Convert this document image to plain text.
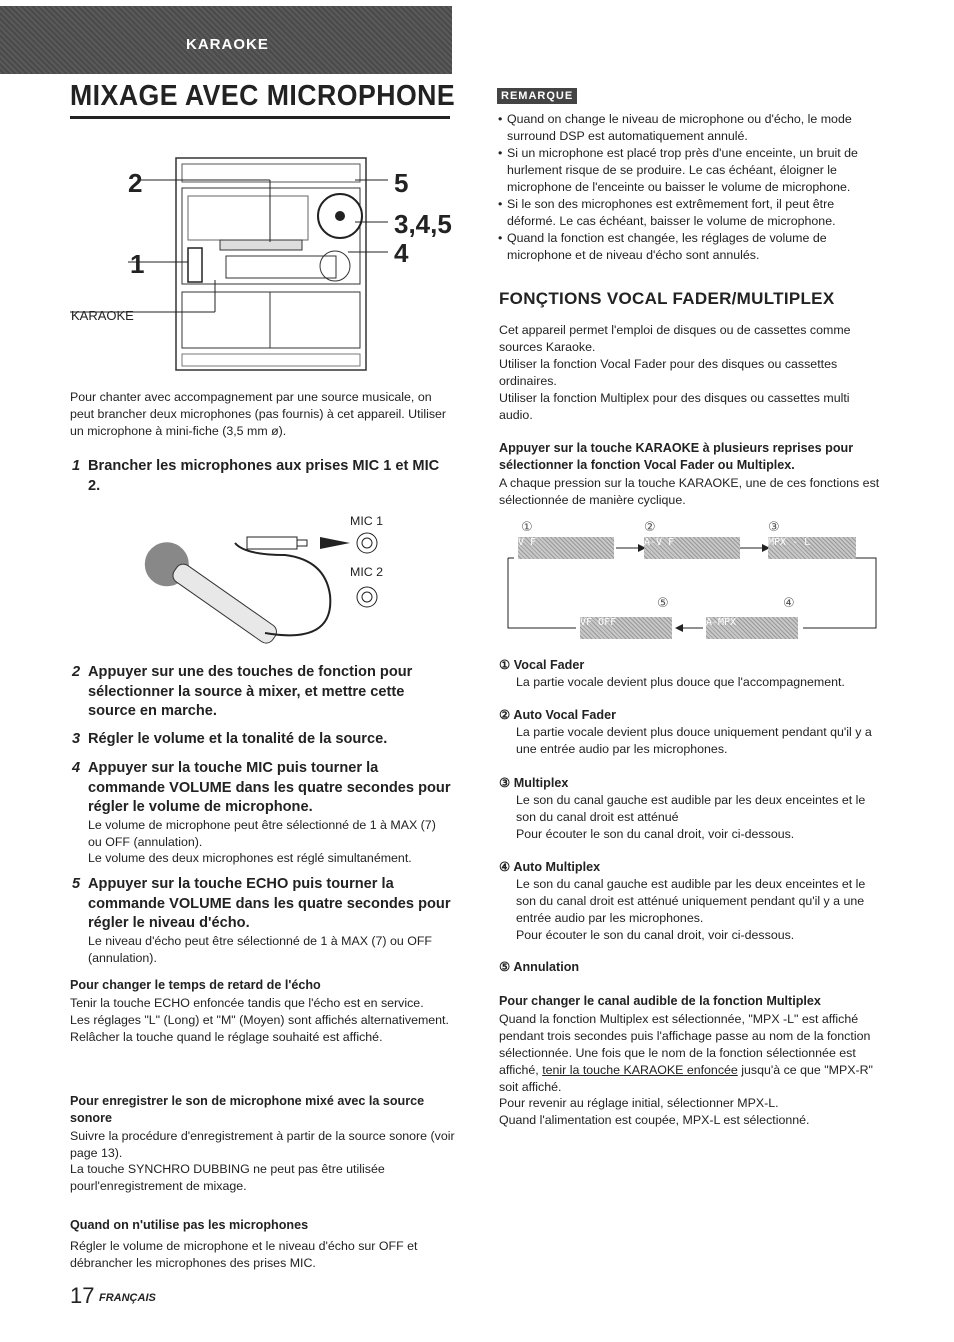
KARAOKE
MIXAGE AVEC MICROPHONE
2
1
5
3,4,5
4
KARAOKE

Pour chanter avec accompagnement par une source musicale, on peut brancher deux microphones (pas fournis) à cet appareil. Utiliser un microphone à mini-fiche (3,5 mm ø).

1 Brancher les microphones aux prises MIC 1 et MIC 2.
MIC 1
MIC 2
2 Appuyer sur une des touches de fonction pour sélectionner la source à mixer, et mettre cette source en marche.
3 Régler le volume et la tonalité de la source.
4 Appuyer sur la touche MIC puis tourner la commande VOLUME dans les quatre secondes pour régler le volume de microphone.

Le volume de microphone peut être sélectionné de 1 à MAX (7) ou OFF (annulation).

Le volume des deux microphones est réglé simultanément.

5 Appuyer sur la touche ECHO puis tourner la commande VOLUME dans les quatre secondes pour régler le niveau d'écho.

Le niveau d'écho peut être sélectionné de 1 à MAX (7) ou OFF (annulation).

Pour changer le temps de retard de l'écho

Tenir la touche ECHO enfoncée tandis que l'écho est en service.
Les réglages "L" (Long) et "M" (Moyen) sont affichés alternativement. Relâcher la touche quand le réglage souhaité est affiché.

Pour enregistrer le son de microphone mixé avec la source sonore

Suivre la procédure d'enregistrement à partir de la source sonore (voir page 13).

La touche SYNCHRO DUBBING ne peut pas être utilisée pourl'enregistrement de mixage.

Quand on n'utilise pas les microphones

Régler le volume de microphone et le niveau d'écho sur OFF et débrancher les microphones des prises MIC.

17 FRANÇAIS
REMARQUE

• Quand on change le niveau de microphone ou d'écho, le mode surround DSP est automatiquement annulé.

• Si un microphone est placé trop près d'une enceinte, un bruit de hurlement risque de se produire. Le cas échéant, éloigner le microphone de l'enceinte ou baisser le volume de microphone.

• Si le son des microphones est extrêmement fort, il peut être déformé. Le cas échéant, baisser le volume de microphone.

• Quand la fonction est changée, les réglages de volume de microphone et de niveau d'écho sont annulés.

FONÇTIONS VOCAL FADER/MULTIPLEX

Cet appareil permet l'emploi de disques ou de cassettes comme sources Karaoke.

Utiliser la fonction Vocal Fader pour des disques ou cassettes ordinaires.

Utiliser la fonction Multiplex pour des disques ou cassettes multi audio.

Appuyer sur la touche KARAOKE à plusieurs reprises pour sélectionner la fonction Vocal Fader ou Multiplex.

A chaque pression sur la touche KARAOKE, une de ces fonctions est sélectionnée de manière cyclique.

①	②	③
④
⑤
V F	A-V F	MPX - L
A-MPX
VF OFF
① Vocal Fader

La partie vocale devient plus douce que l'accompagnement.

② Auto Vocal Fader

La partie vocale devient plus douce uniquement pendant qu'il y a une entrée audio par les microphones.

③ Multiplex

Le son du canal gauche est audible par les deux enceintes et le son du canal droit est atténué

Pour écouter le son du canal droit, voir ci-dessous.

④ Auto Multiplex

Le son du canal gauche est audible par les deux enceintes et le son du canal droit est atténué uniquement pendant qu'il y a une entrée audio par les microphones.

Pour écouter le son du canal droit, voir ci-dessous.

⑤ Annulation
Pour changer le canal audible de la fonction Multiplex

Quand la fonction Multiplex est sélectionnée, "MPX -L" est affiché pendant trois secondes puis l'affichage passe au nom de la fonction sélectionnée. Une fois que le nom de la fonction sélectionnée est affiché, tenir la touche KARAOKE enfoncée jusqu'à ce que "MPX-R" soit affiché.

Pour revenir au réglage initial, sélectionner MPX-L.

Quand l'alimentation est coupée, MPX-L est sélectionné.
